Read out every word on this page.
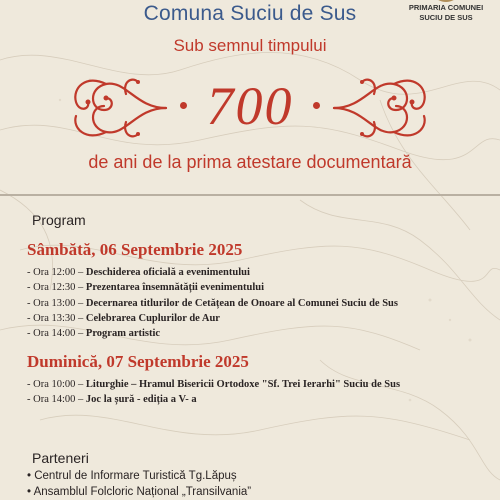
Comuna Suciu de Sus	PRIMARIA COMUNEI
SUCIU DE SUS
Sub semnul timpului
700
de ani de la prima atestare documentară
Program
Sâmbătă, 06 Septembrie 2025
- Ora 12:00 – Deschiderea oficială a evenimentului
- Ora 12:30 – Prezentarea însemnătății evenimentului
- Ora 13:00 – Decernarea titlurilor de Cetățean de Onoare al Comunei Suciu de Sus
- Ora 13:30 – Celebrarea Cuplurilor de Aur
- Ora 14:00 – Program artistic
Duminică, 07 Septembrie 2025
- Ora 10:00 – Liturghie – Hramul Bisericii Ortodoxe "Sf. Trei Ierarhi" Suciu de Sus
- Ora 14:00 – Joc la șură - ediția a V- a
Parteneri
• Centrul de Informare Turistică Tg.Lăpuș
• Ansamblul Folcloric Național „Transilvania”
